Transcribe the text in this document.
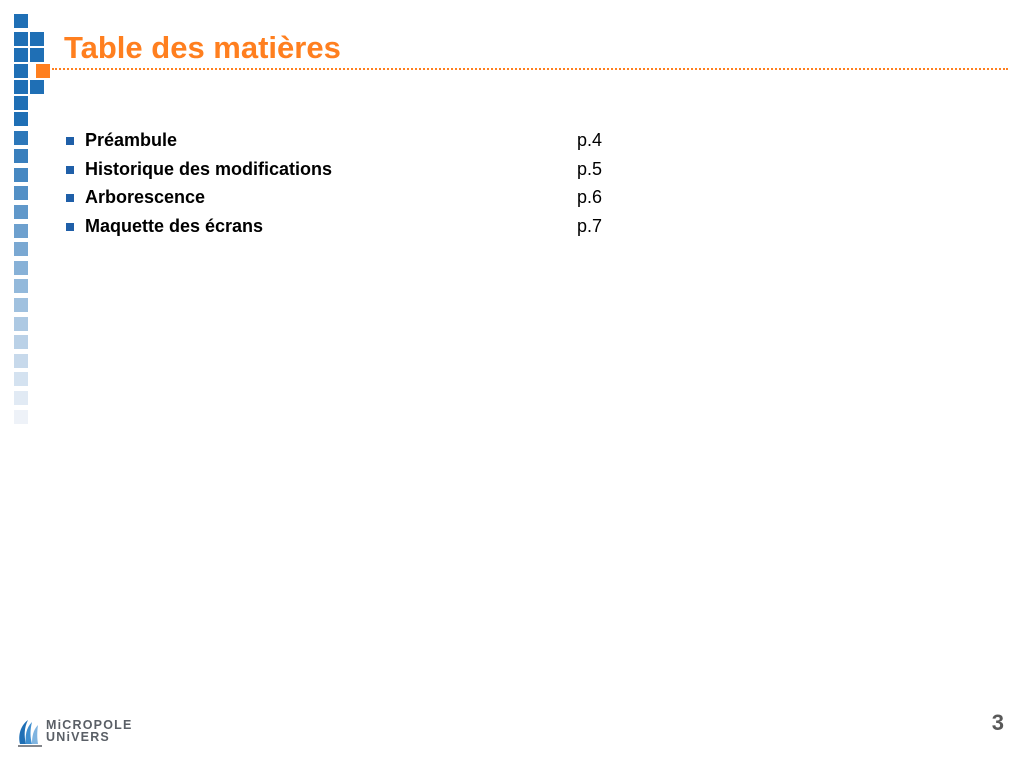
Table des matières
Préambule	p.4
Historique des modifications	p.5
Arborescence	p.6
Maquette des écrans	p.7
MiCROPOLE
UNiVERS
3
